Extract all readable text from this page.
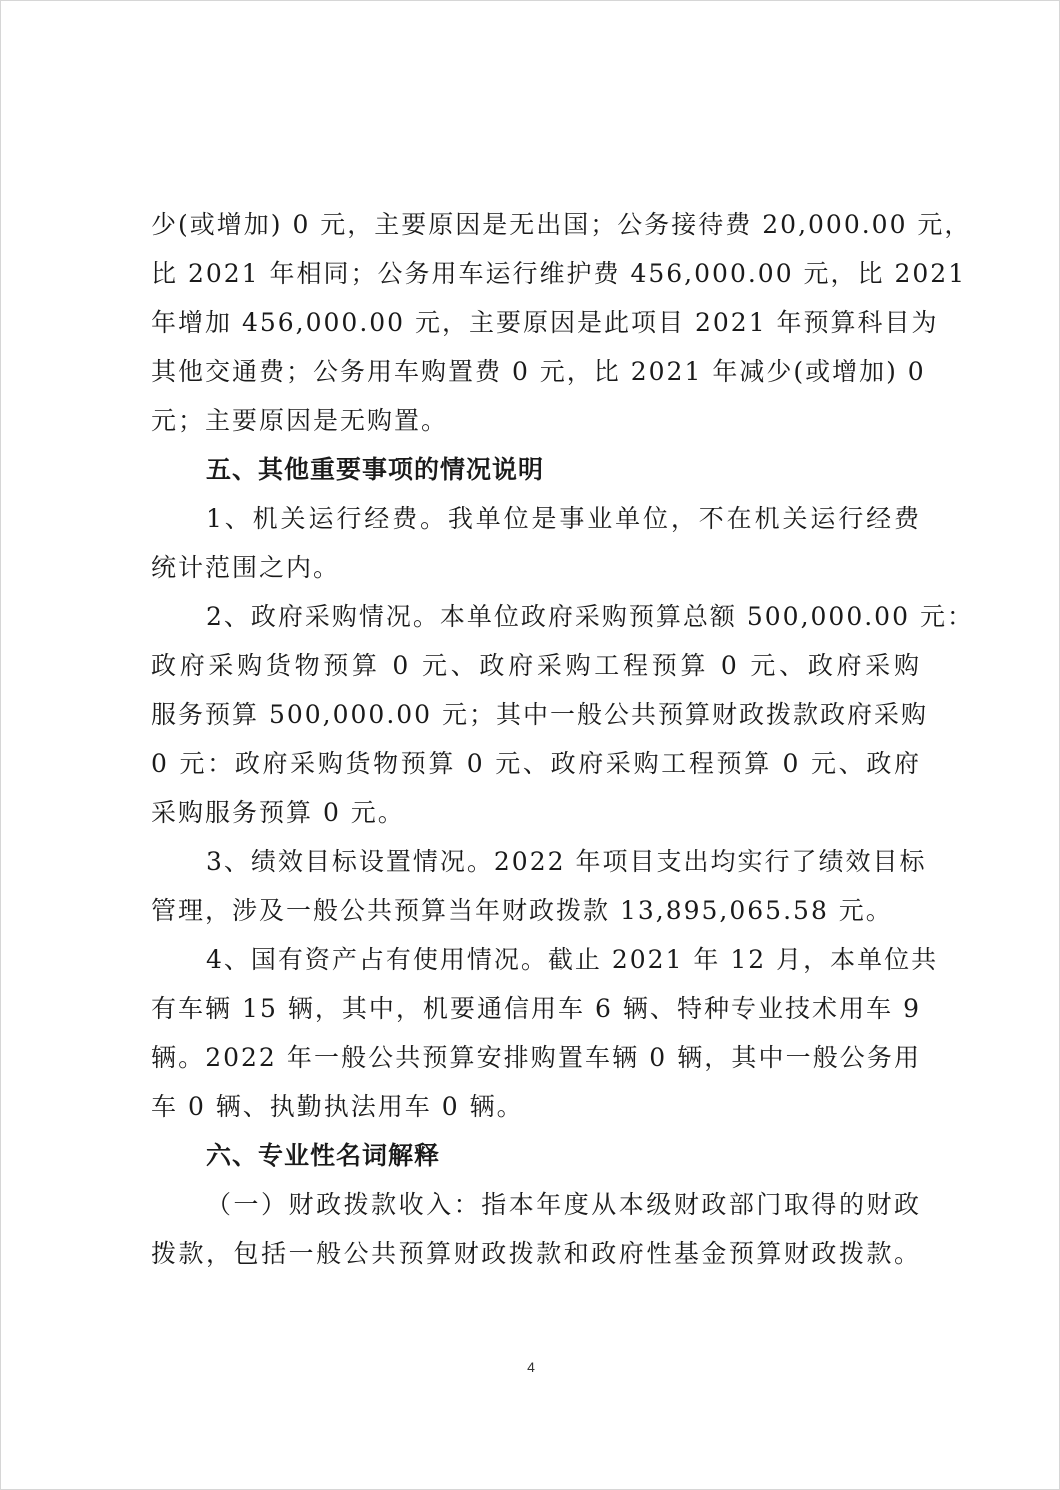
少(或增加) 0 元，主要原因是无出国；公务接待费 20,000.00 元，
比 2021 年相同；公务用车运行维护费 456,000.00 元，比 2021
年增加 456,000.00 元，主要原因是此项目 2021 年预算科目为
其他交通费；公务用车购置费 0 元，比 2021 年减少(或增加) 0
元；主要原因是无购置。
五、其他重要事项的情况说明
1、机关运行经费。我单位是事业单位，不在机关运行经费
统计范围之内。
2、政府采购情况。本单位政府采购预算总额 500,000.00 元：
政府采购货物预算 0 元、政府采购工程预算 0 元、政府采购
服务预算 500,000.00 元；其中一般公共预算财政拨款政府采购
0 元：政府采购货物预算 0 元、政府采购工程预算 0 元、政府
采购服务预算 0 元。
3、绩效目标设置情况。2022 年项目支出均实行了绩效目标
管理，涉及一般公共预算当年财政拨款 13,895,065.58 元。
4、国有资产占有使用情况。截止 2021 年 12 月，本单位共
有车辆 15 辆，其中，机要通信用车 6 辆、特种专业技术用车 9
辆。2022 年一般公共预算安排购置车辆 0 辆，其中一般公务用
车 0 辆、执勤执法用车 0 辆。
六、专业性名词解释
（一）财政拨款收入：指本年度从本级财政部门取得的财政
拨款，包括一般公共预算财政拨款和政府性基金预算财政拨款。
4
